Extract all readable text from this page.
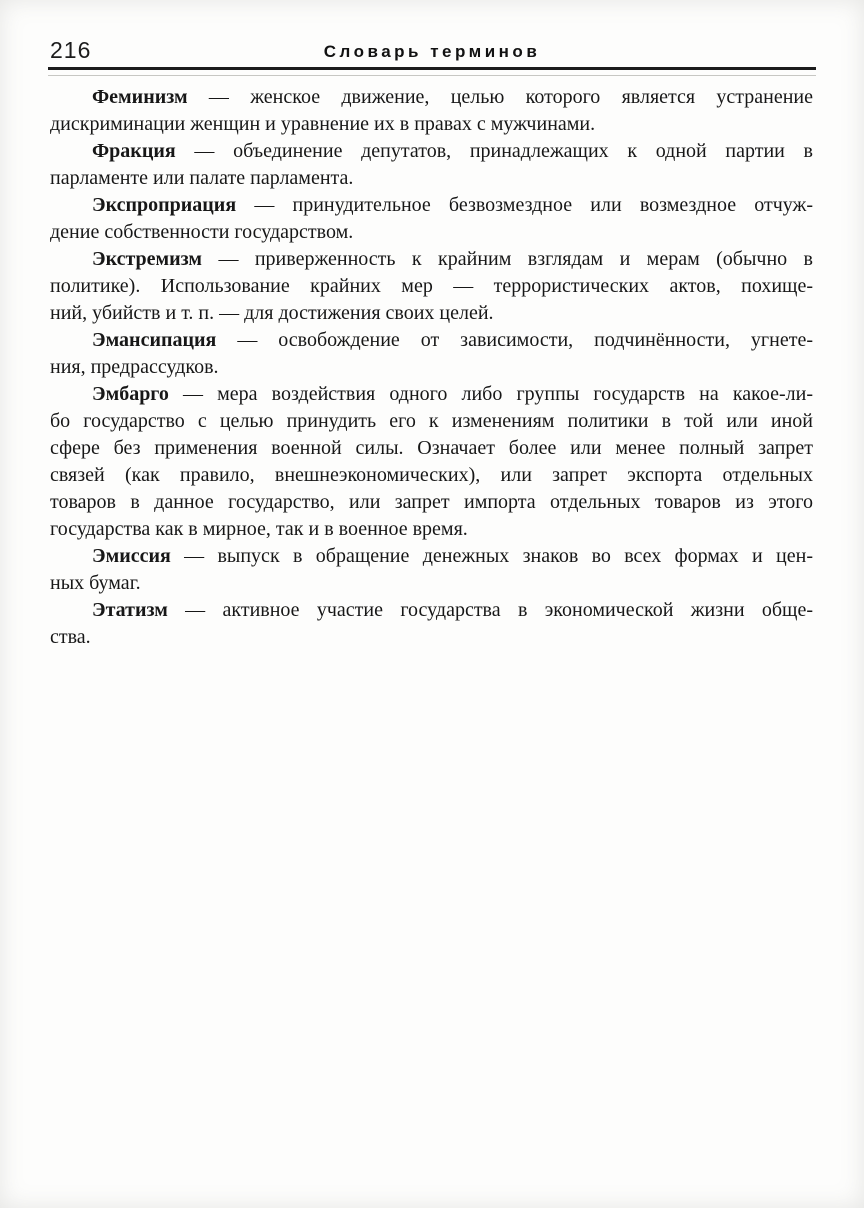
216	Словарь терминов
Феминизм — женское движение, целью которого является устранение
дискриминации женщин и уравнение их в правах с мужчинами.
Фракция — объединение депутатов, принадлежащих к одной партии в
парламенте или палате парламента.
Экспроприация — принудительное безвозмездное или возмездное отчуж-
дение собственности государством.
Экстремизм — приверженность к крайним взглядам и мерам (обычно в
политике). Использование крайних мер — террористических актов, похище-
ний, убийств и т. п. — для достижения своих целей.
Эмансипация — освобождение от зависимости, подчинённости, угнете-
ния, предрассудков.
Эмбарго — мера воздействия одного либо группы государств на какое-ли-
бо государство с целью принудить его к изменениям политики в той или иной
сфере без применения военной силы. Означает более или менее полный запрет
связей (как правило, внешнеэкономических), или запрет экспорта отдельных
товаров в данное государство, или запрет импорта отдельных товаров из этого
государства как в мирное, так и в военное время.
Эмиссия — выпуск в обращение денежных знаков во всех формах и цен-
ных бумаг.
Этатизм — активное участие государства в экономической жизни обще-
ства.
